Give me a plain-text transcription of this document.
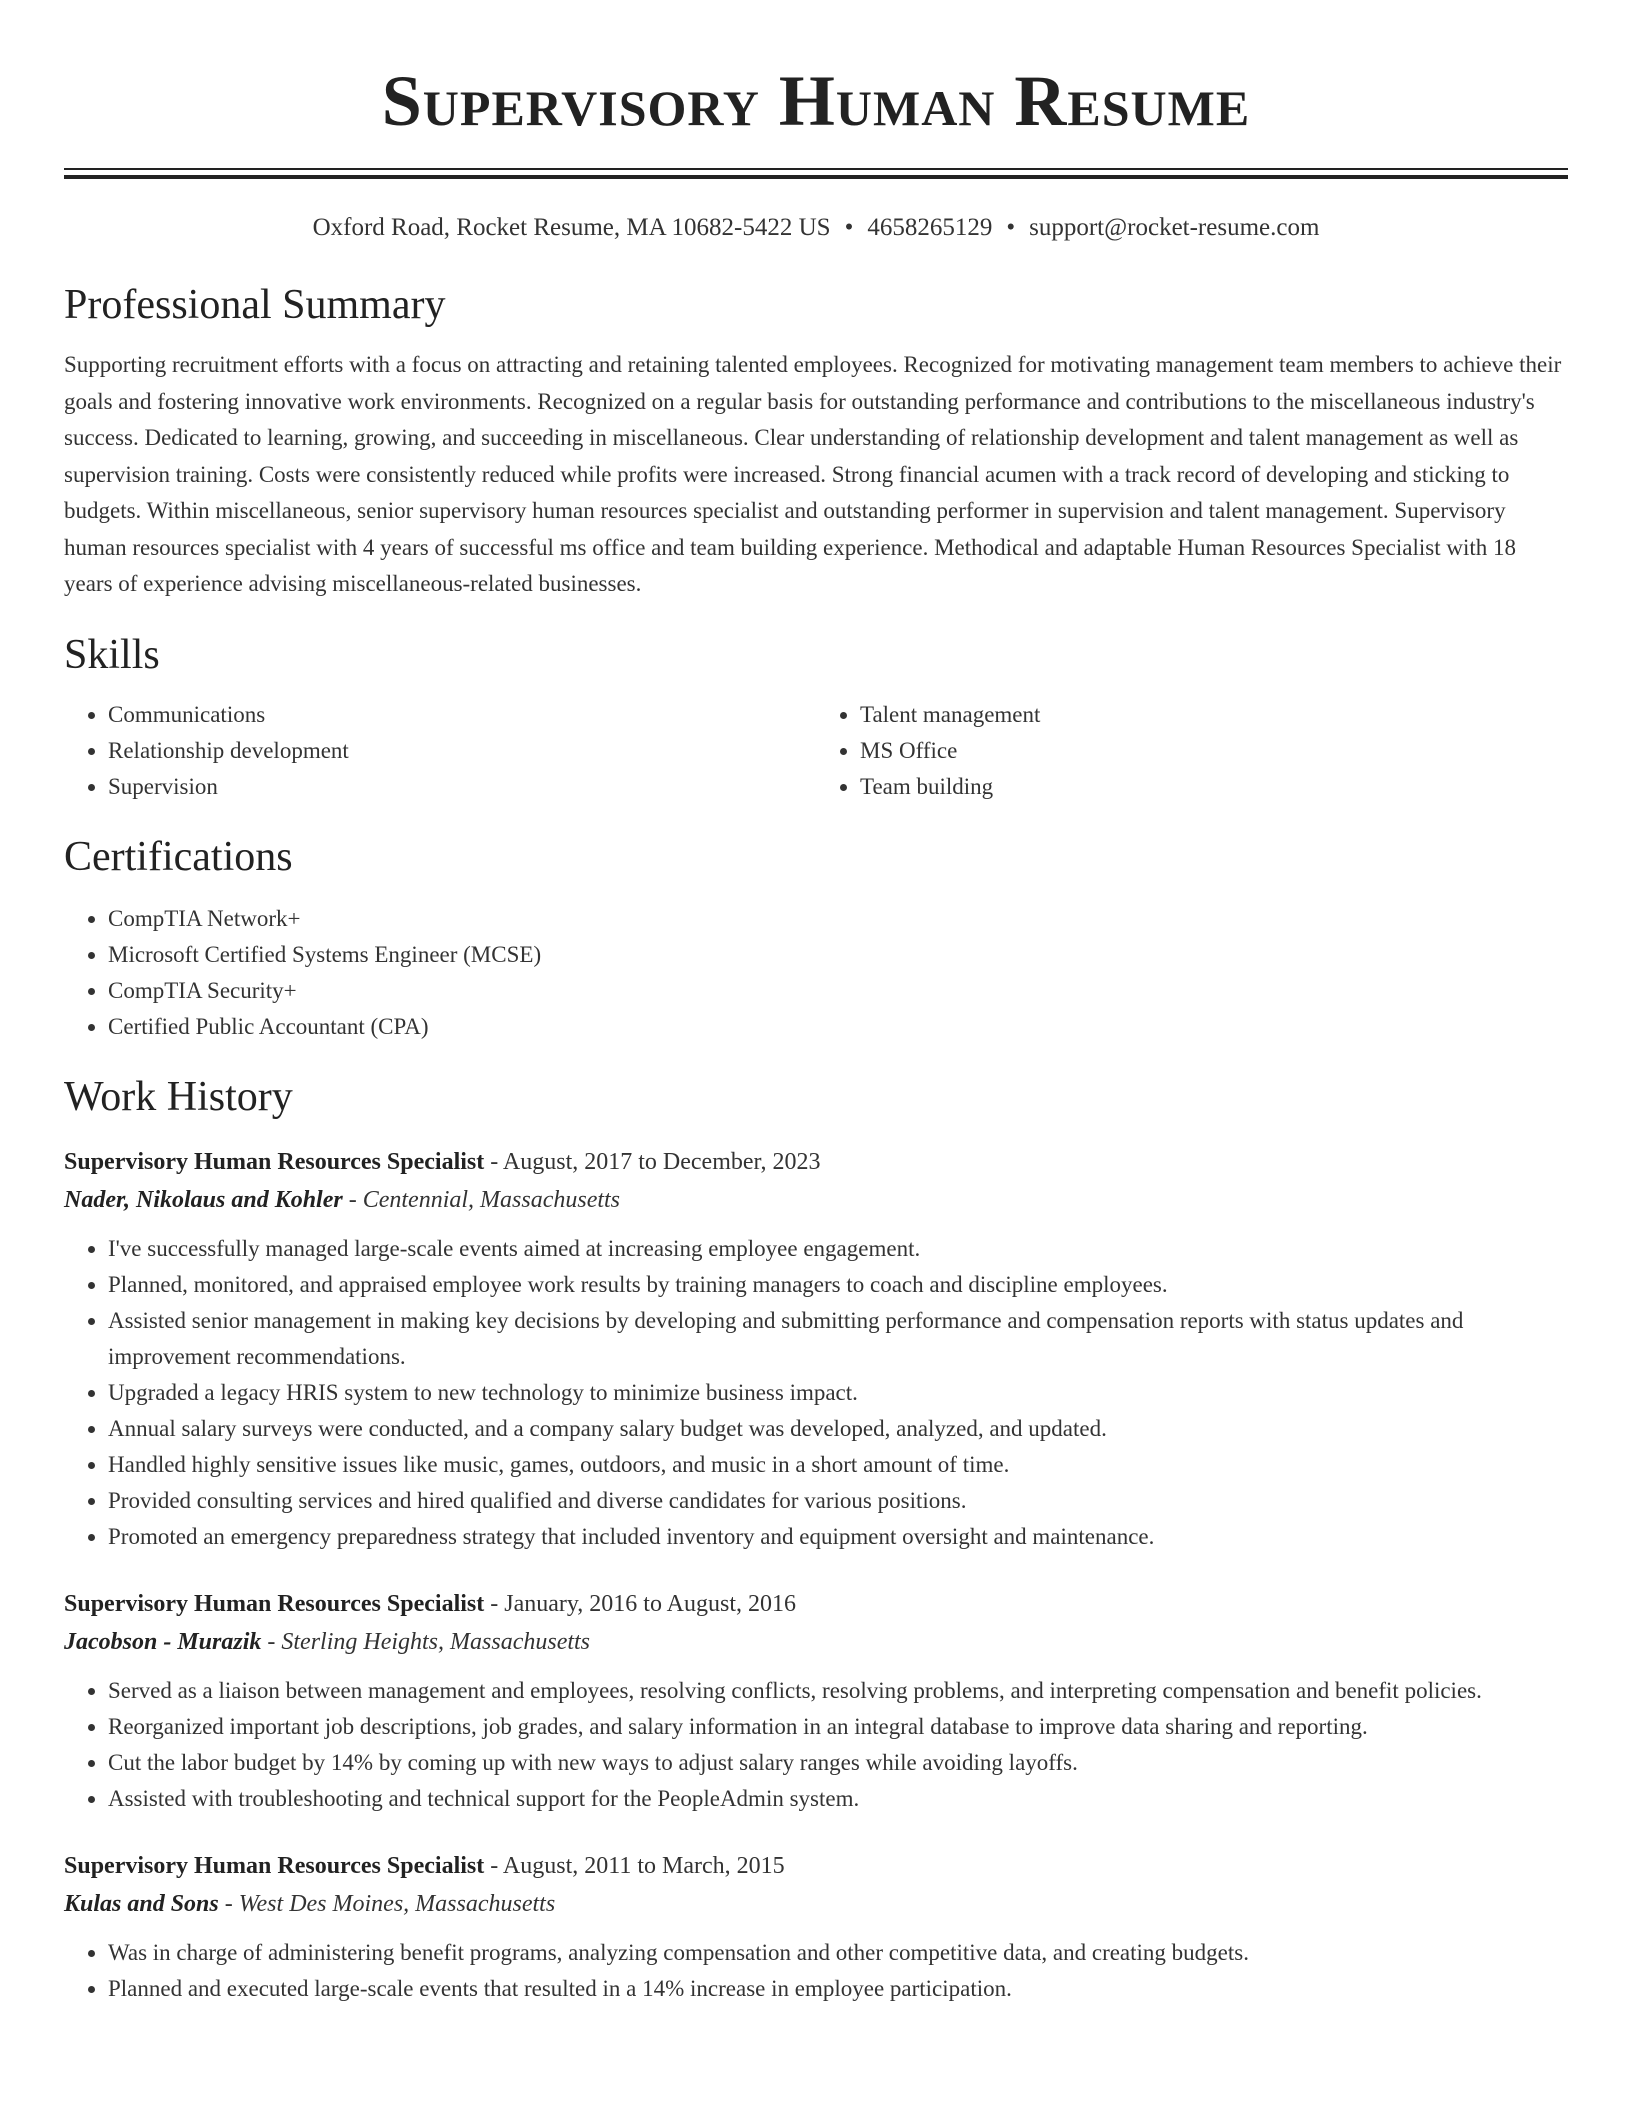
Supervisory Human Resume
Oxford Road, Rocket Resume, MA 10682-5422 US • 4658265129 • support@rocket-resume.com
Professional Summary

Supporting recruitment efforts with a focus on attracting and retaining talented employees. Recognized for motivating management team members to achieve their goals and fostering innovative work environments. Recognized on a regular basis for outstanding performance and contributions to the miscellaneous industry's success. Dedicated to learning, growing, and succeeding in miscellaneous. Clear understanding of relationship development and talent management as well as supervision training. Costs were consistently reduced while profits were increased. Strong financial acumen with a track record of developing and sticking to budgets. Within miscellaneous, senior supervisory human resources specialist and outstanding performer in supervision and talent management. Supervisory human resources specialist with 4 years of successful ms office and team building experience. Methodical and adaptable Human Resources Specialist with 18 years of experience advising miscellaneous-related businesses.

Skills
• Communications
• Relationship development
• Supervision
• Talent management
• MS Office
• Team building
Certifications
• CompTIA Network+
• Microsoft Certified Systems Engineer (MCSE)
• CompTIA Security+
• Certified Public Accountant (CPA)
Work History
Supervisory Human Resources Specialist - August, 2017 to December, 2023
Nader, Nikolaus and Kohler - Centennial, Massachusetts
• I've successfully managed large-scale events aimed at increasing employee engagement.
• Planned, monitored, and appraised employee work results by training managers to coach and discipline employees.
• Assisted senior management in making key decisions by developing and submitting performance and compensation reports with status updates and improvement recommendations.
• Upgraded a legacy HRIS system to new technology to minimize business impact.
• Annual salary surveys were conducted, and a company salary budget was developed, analyzed, and updated.
• Handled highly sensitive issues like music, games, outdoors, and music in a short amount of time.
• Provided consulting services and hired qualified and diverse candidates for various positions.
• Promoted an emergency preparedness strategy that included inventory and equipment oversight and maintenance.
Supervisory Human Resources Specialist - January, 2016 to August, 2016
Jacobson - Murazik - Sterling Heights, Massachusetts
• Served as a liaison between management and employees, resolving conflicts, resolving problems, and interpreting compensation and benefit policies.
• Reorganized important job descriptions, job grades, and salary information in an integral database to improve data sharing and reporting.
• Cut the labor budget by 14% by coming up with new ways to adjust salary ranges while avoiding layoffs.
• Assisted with troubleshooting and technical support for the PeopleAdmin system.
Supervisory Human Resources Specialist - August, 2011 to March, 2015
Kulas and Sons - West Des Moines, Massachusetts
• Was in charge of administering benefit programs, analyzing compensation and other competitive data, and creating budgets.
• Planned and executed large-scale events that resulted in a 14% increase in employee participation.
